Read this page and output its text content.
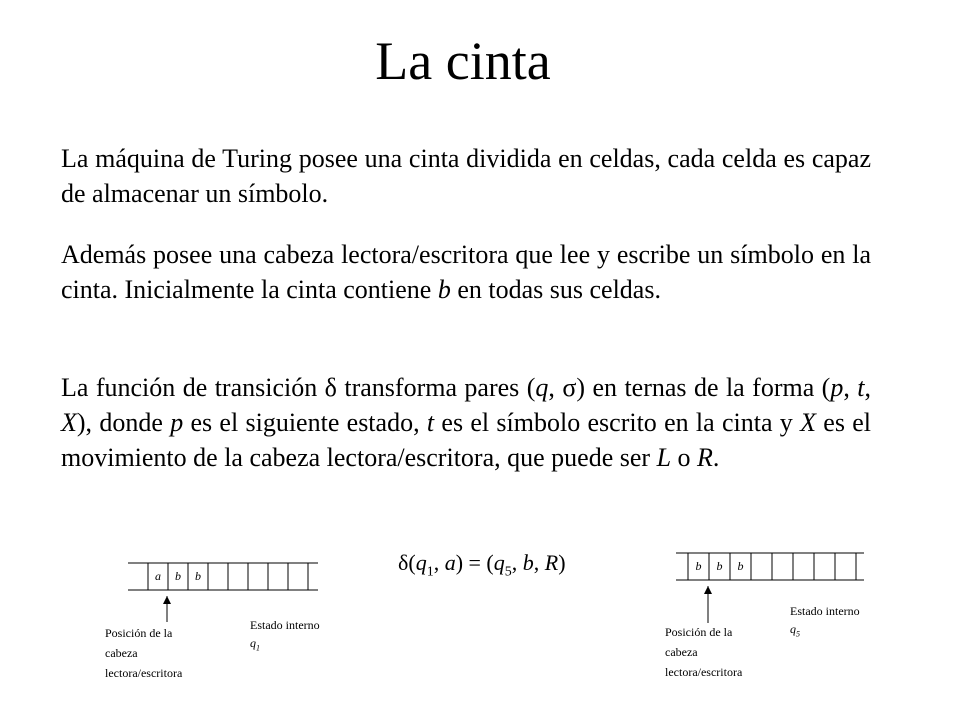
La cinta
La máquina de Turing posee una cinta dividida en celdas, cada celda es capaz de almacenar un símbolo.
Además posee una cabeza lectora/escritora que lee y escribe un símbolo en la cinta. Inicialmente la cinta contiene b en todas sus celdas.
La función de transición δ transforma pares (q, σ) en ternas de la forma (p, t, X), donde p es el siguiente estado, t es el símbolo escrito en la cinta y X es el movimiento de la cabeza lectora/escritora, que puede ser L o R.
$\delta(q_1$, $a) = (q_5$, b, R)
a	b	b
Posición de la
cabeza
lectora/escritora
Estado interno
$q_1$
b	b	b
Posición de la
cabeza
lectora/escritora
Estado interno
$q_5$
